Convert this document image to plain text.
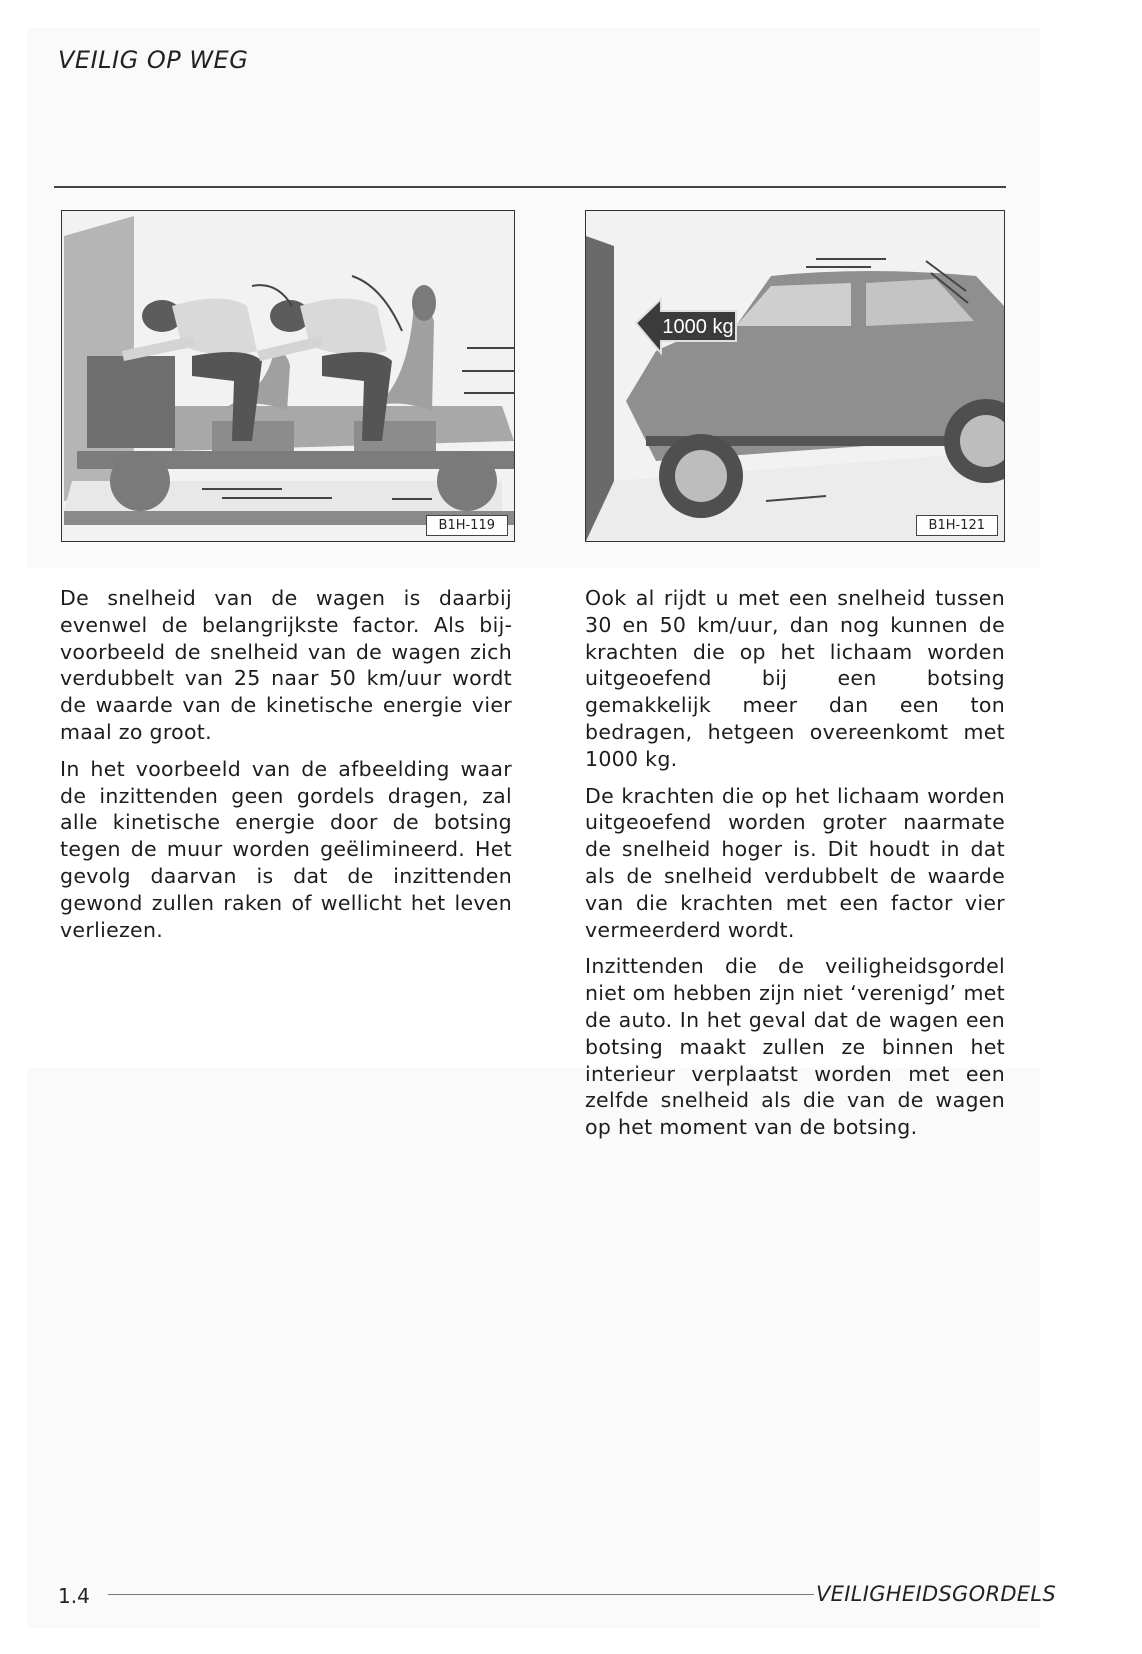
VEILIG OP WEG
B1H-119
1000 kg
B1H-121

De snelheid van de wagen is daarbij evenwel de belangrijkste factor. Als bijvoorbeeld de snelheid van de wagen zich verdubbelt van 25 naar 50 km/uur wordt de waarde van de kinetische energie vier maal zo groot.

In het voorbeeld van de afbeelding waar de inzittenden geen gordels dragen, zal alle kinetische energie door de botsing tegen de muur worden geëlimineerd. Het gevolg daarvan is dat de inzittenden gewond zullen raken of wellicht het leven verliezen.

Ook al rijdt u met een snelheid tussen 30 en 50 km/uur, dan nog kunnen de krachten die op het lichaam worden uitgeoefend bij een botsing gemakkelijk meer dan een ton bedragen, hetgeen overeenkomt met 1000 kg.

De krachten die op het lichaam worden uitgeoefend worden groter naarmate de snelheid hoger is. Dit houdt in dat als de snelheid verdubbelt de waarde van die krachten met een factor vier vermeerderd wordt.

Inzittenden die de veiligheidsgordel niet om hebben zijn niet ‘verenigd’ met de auto. In het geval dat de wagen een botsing maakt zullen ze binnen het interieur verplaatst worden met een zelfde snelheid als die van de wagen op het moment van de botsing.

1.4	VEILIGHEIDSGORDELS
